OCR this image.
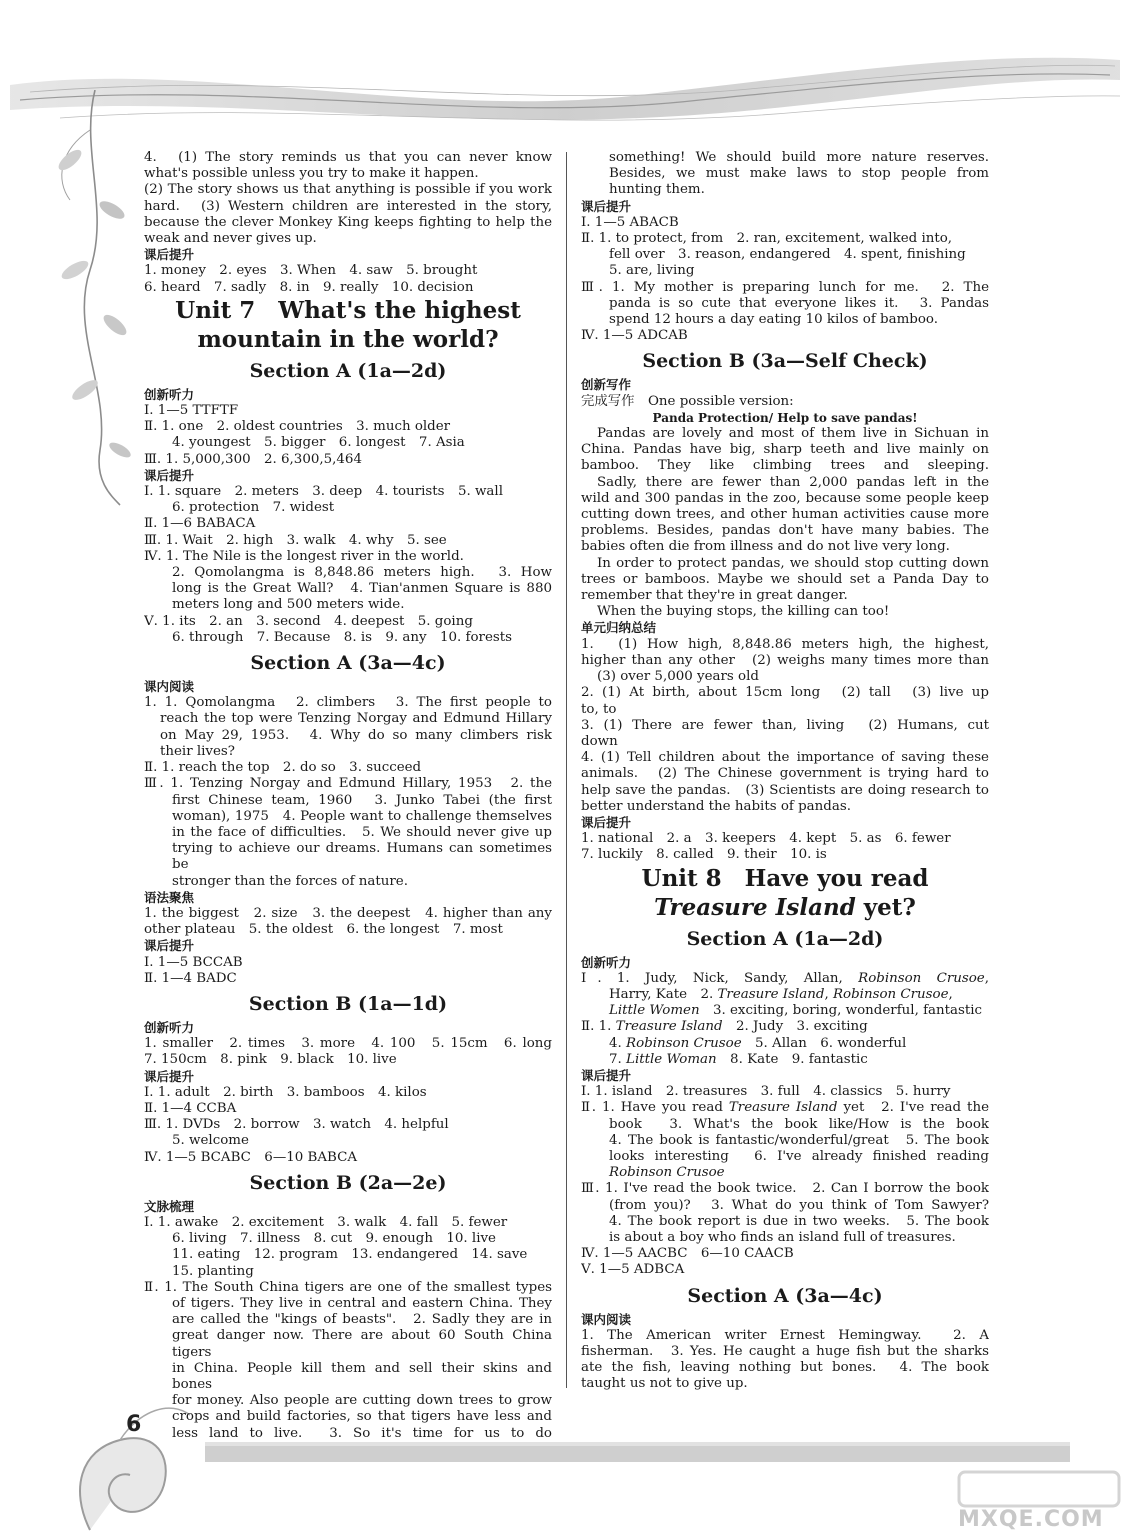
6
MXQE.COM
4.　(1) The story reminds us that you can never know
what's possible unless you try to make it happen.
(2) The story shows us that anything is possible if you work
hard.　(3) Western children are interested in the story,
because the clever Monkey King keeps fighting to help the
weak and never gives up.
课后提升
1. money　2. eyes　3. When　4. saw　5. brought
6. heard　7. sadly　8. in　9. really　10. decision
Unit 7　What's the highest
mountain in the world?
Section A (1a—2d)
创新听力
Ⅰ. 1—5 TTFTF
Ⅱ. 1. one　2. oldest countries　3. much older
4. youngest　5. bigger　6. longest　7. Asia
Ⅲ. 1. 5,000,300　2. 6,300,5,464
课后提升
Ⅰ. 1. square　2. meters　3. deep　4. tourists　5. wall
6. protection　7. widest
Ⅱ. 1—6 BABACA
Ⅲ. 1. Wait　2. high　3. walk　4. why　5. see
Ⅳ. 1. The Nile is the longest river in the world.
2. Qomolangma is 8,848.86 meters high.　3. How
long is the Great Wall?　4. Tian'anmen Square is 880
meters long and 500 meters wide.
Ⅴ. 1. its　2. an　3. second　4. deepest　5. going
6. through　7. Because　8. is　9. any　10. forests
Section A (3a—4c)
课内阅读
1. 1. Qomolangma　2. climbers　3. The first people to
reach the top were Tenzing Norgay and Edmund Hillary
on May 29, 1953.　4. Why do so many climbers risk
their lives?
Ⅱ. 1. reach the top　2. do so　3. succeed
Ⅲ. 1. Tenzing Norgay and Edmund Hillary, 1953　2. the
first Chinese team, 1960　3. Junko Tabei (the first
woman), 1975　4. People want to challenge themselves
in the face of difficulties.　5. We should never give up
trying to achieve our dreams. Humans can sometimes be
stronger than the forces of nature.
语法聚焦
1. the biggest　2. size　3. the deepest　4. higher than any
other plateau　5. the oldest　6. the longest　7. most
课后提升
Ⅰ. 1—5 BCCAB
Ⅱ. 1—4 BADC
Section B (1a—1d)
创新听力
1. smaller　2. times　3. more　4. 100　5. 15cm　6. long
7. 150cm　8. pink　9. black　10. live
课后提升
Ⅰ. 1. adult　2. birth　3. bamboos　4. kilos
Ⅱ. 1—4 CCBA
Ⅲ. 1. DVDs　2. borrow　3. watch　4. helpful
5. welcome
Ⅳ. 1—5 BCABC　6—10 BABCA
Section B (2a—2e)
文脉梳理
Ⅰ. 1. awake　2. excitement　3. walk　4. fall　5. fewer
6. living　7. illness　8. cut　9. enough　10. live
11. eating　12. program　13. endangered　14. save
15. planting
Ⅱ. 1. The South China tigers are one of the smallest types
of tigers. They live in central and eastern China. They
are called the "kings of beasts".　2. Sadly they are in
great danger now. There are about 60 South China tigers
in China. People kill them and sell their skins and bones
for money. Also people are cutting down trees to grow
crops and build factories, so that tigers have less and
less land to live.　3. So it's time for us to do
something! We should build more nature reserves.
Besides, we must make laws to stop people from
hunting them.
课后提升
Ⅰ. 1—5 ABACB
Ⅱ. 1. to protect, from　2. ran, excitement, walked into,
fell over　3. reason, endangered　4. spent, finishing
5. are, living
Ⅲ. 1. My mother is preparing lunch for me.　2. The
panda is so cute that everyone likes it.　3. Pandas
spend 12 hours a day eating 10 kilos of bamboo.
Ⅳ. 1—5 ADCAB
Section B (3a—Self Check)
创新写作
完成写作　One possible version:
Panda Protection/ Help to save pandas!
Pandas are lovely and most of them live in Sichuan in
China. Pandas have big, sharp teeth and live mainly on
bamboo. They like climbing trees and sleeping.
Sadly, there are fewer than 2,000 pandas left in the
wild and 300 pandas in the zoo, because some people keep
cutting down trees, and other human activities cause more
problems. Besides, pandas don't have many babies. The
babies often die from illness and do not live very long.
In order to protect pandas, we should stop cutting down
trees or bamboos. Maybe we should set a Panda Day to
remember that they're in great danger.
When the buying stops, the killing can too!
单元归纳总结
1.　(1) How high, 8,848.86 meters high, the highest,
higher than any other　(2) weighs many times more than
(3) over 5,000 years old
2. (1) At birth, about 15cm long　(2) tall　(3) live up
to, to
3. (1) There are fewer than, living　(2) Humans, cut
down
4. (1) Tell children about the importance of saving these
animals.　(2) The Chinese government is trying hard to
help save the pandas.　(3) Scientists are doing research to
better understand the habits of pandas.
课后提升
1. national　2. a　3. keepers　4. kept　5. as　6. fewer
7. luckily　8. called　9. their　10. is
Unit 8　Have you read
Treasure Island yet?
Section A (1a—2d)
创新听力
Ⅰ. 1. Judy, Nick, Sandy, Allan, Robinson Crusoe,
Harry, Kate　2. Treasure Island, Robinson Crusoe,
Little Women　3. exciting, boring, wonderful, fantastic
Ⅱ. 1. Treasure Island　2. Judy　3. exciting
4. Robinson Crusoe　5. Allan　6. wonderful
7. Little Woman　8. Kate　9. fantastic
课后提升
Ⅰ. 1. island　2. treasures　3. full　4. classics　5. hurry
Ⅱ. 1. Have you read Treasure Island yet　2. I've read the
book　3. What's the book like/How is the book
4. The book is fantastic/wonderful/great　5. The book
looks interesting　6. I've already finished reading
Robinson Crusoe
Ⅲ. 1. I've read the book twice.　2. Can I borrow the book
(from you)?　3. What do you think of Tom Sawyer?
4. The book report is due in two weeks.　5. The book
is about a boy who finds an island full of treasures.
Ⅳ. 1—5 AACBC　6—10 CAACB
Ⅴ. 1—5 ADBCA
Section A (3a—4c)
课内阅读
1. The American writer Ernest Hemingway.　2. A
fisherman.　3. Yes. He caught a huge fish but the sharks
ate the fish, leaving nothing but bones.　4. The book
taught us not to give up.
